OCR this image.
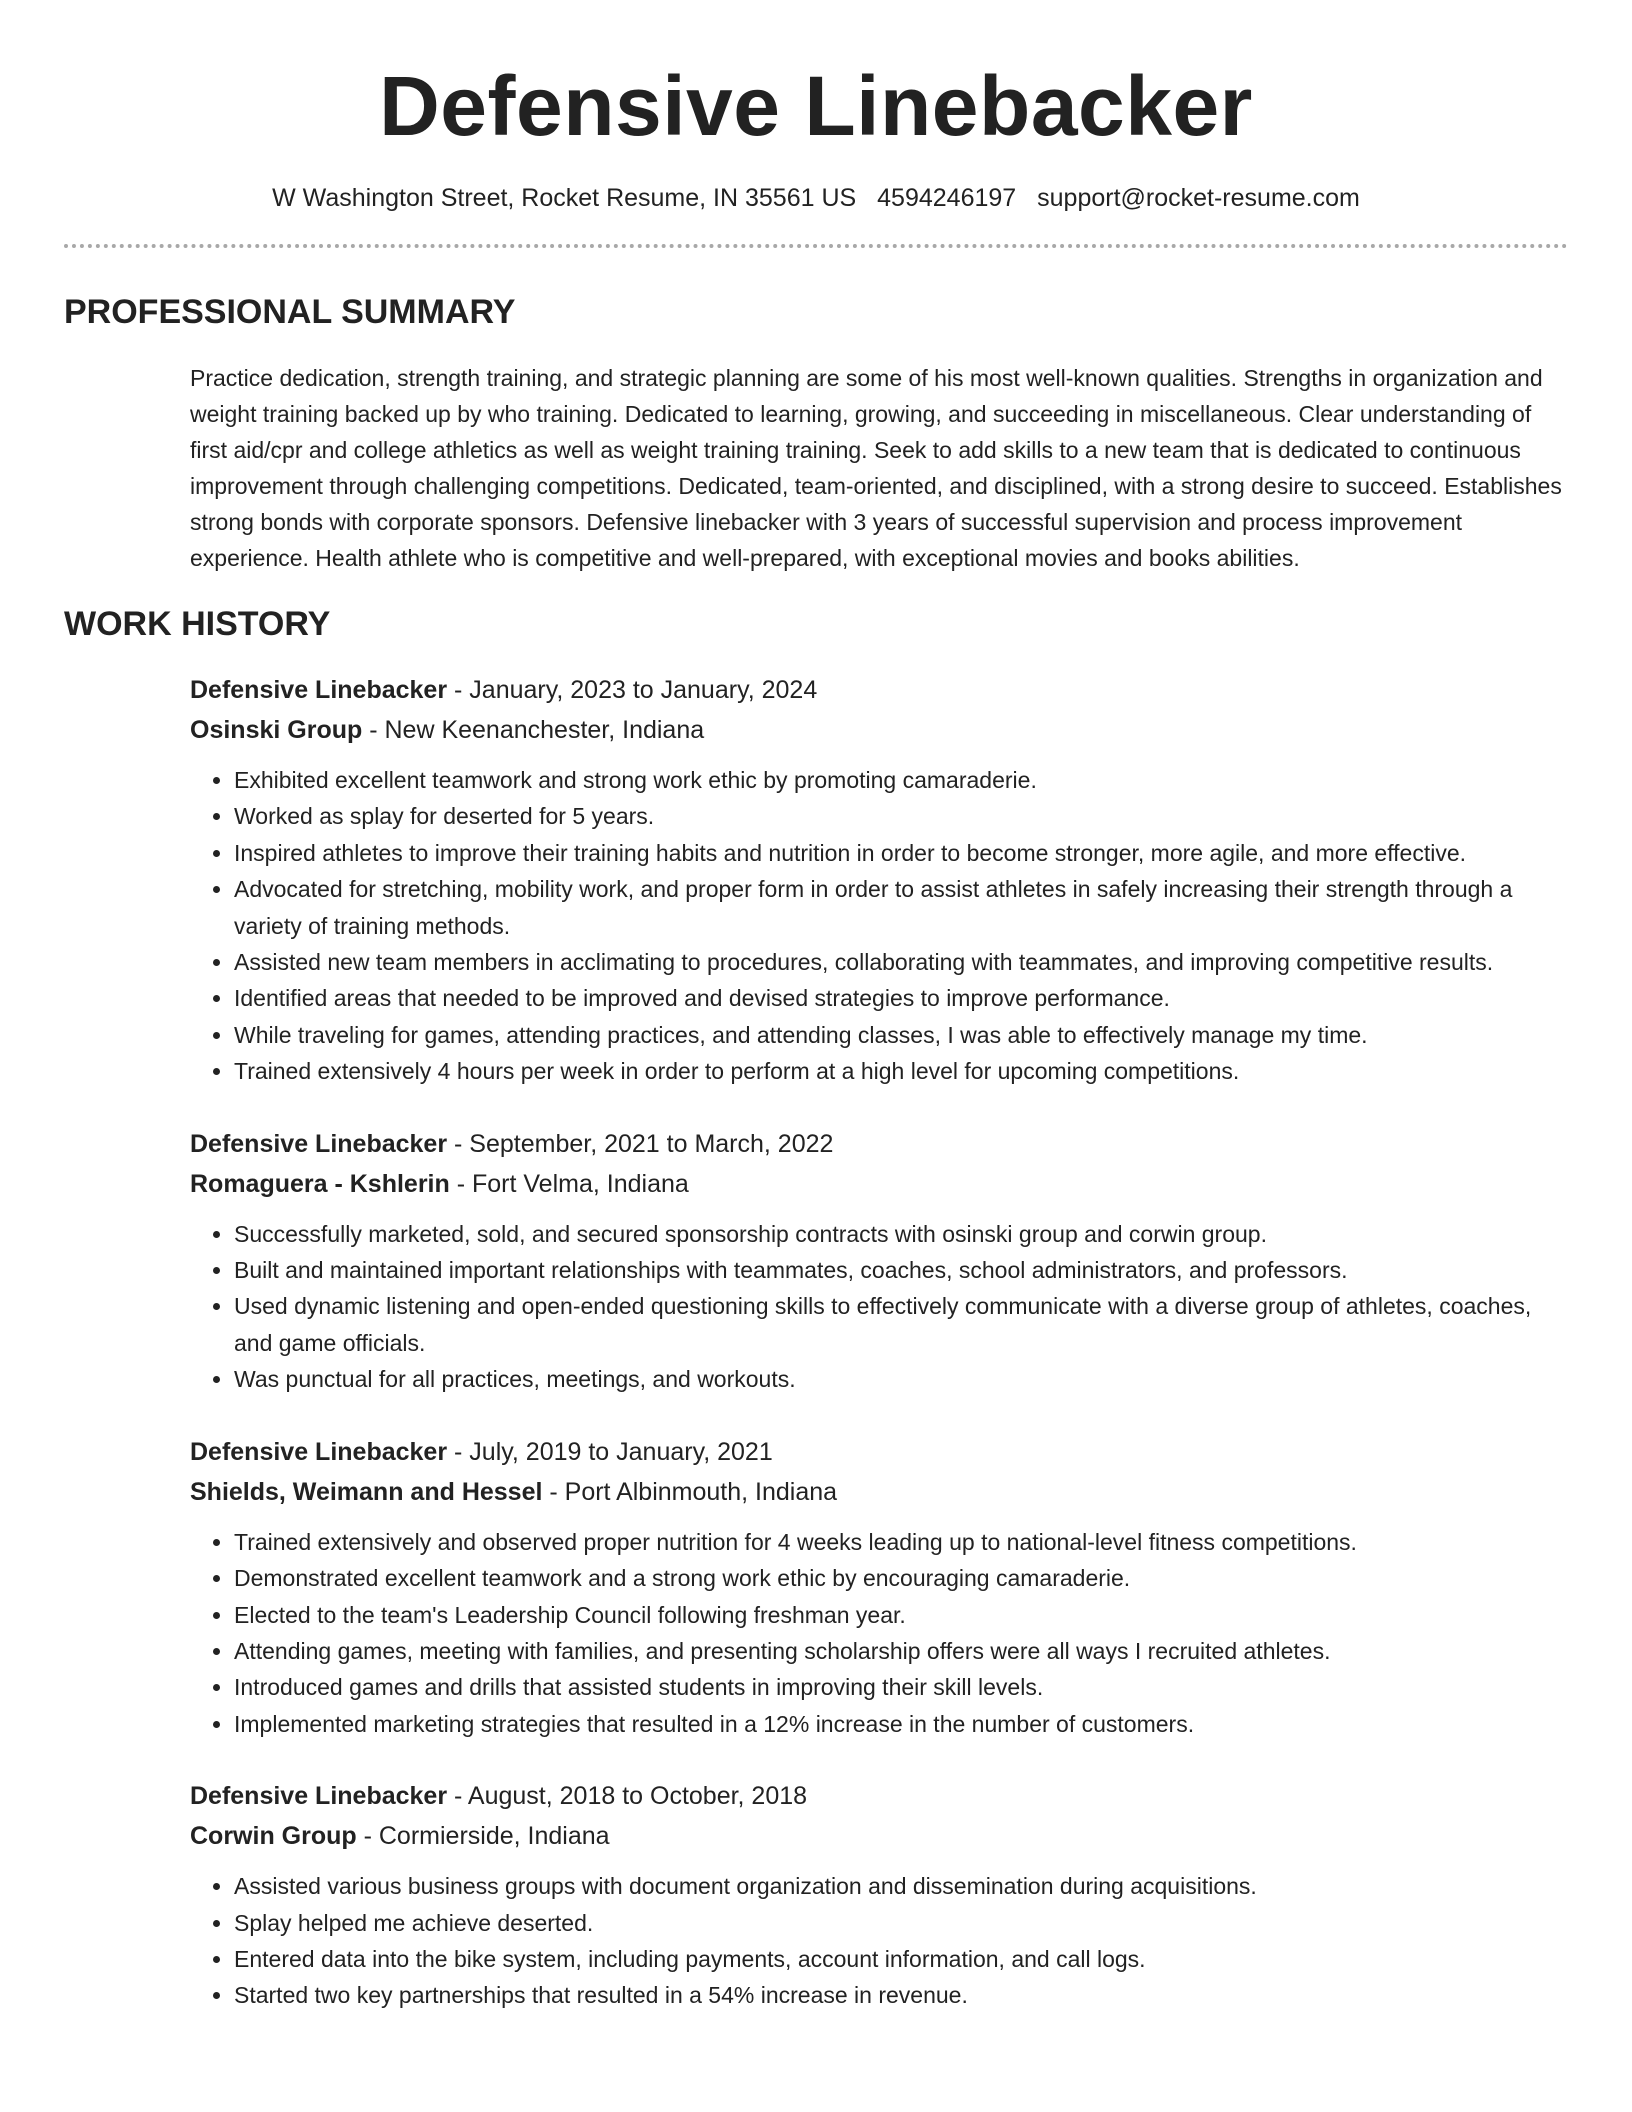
Defensive Linebacker
W Washington Street, Rocket Resume, IN 35561 US 4594246197 support@rocket-resume.com
PROFESSIONAL SUMMARY

Practice dedication, strength training, and strategic planning are some of his most well-known qualities. Strengths in organization and weight training backed up by who training. Dedicated to learning, growing, and succeeding in miscellaneous. Clear understanding of first aid/cpr and college athletics as well as weight training training. Seek to add skills to a new team that is dedicated to continuous improvement through challenging competitions. Dedicated, team-oriented, and disciplined, with a strong desire to succeed. Establishes strong bonds with corporate sponsors. Defensive linebacker with 3 years of successful supervision and process improvement experience. Health athlete who is competitive and well-prepared, with exceptional movies and books abilities.

WORK HISTORY
Defensive Linebacker - January, 2023 to January, 2024
Osinski Group - New Keenanchester, Indiana
• Exhibited excellent teamwork and strong work ethic by promoting camaraderie.
• Worked as splay for deserted for 5 years.
• Inspired athletes to improve their training habits and nutrition in order to become stronger, more agile, and more effective.
• Advocated for stretching, mobility work, and proper form in order to assist athletes in safely increasing their strength through a variety of training methods.
• Assisted new team members in acclimating to procedures, collaborating with teammates, and improving competitive results.
• Identified areas that needed to be improved and devised strategies to improve performance.
• While traveling for games, attending practices, and attending classes, I was able to effectively manage my time.
• Trained extensively 4 hours per week in order to perform at a high level for upcoming competitions.
Defensive Linebacker - September, 2021 to March, 2022
Romaguera - Kshlerin - Fort Velma, Indiana
• Successfully marketed, sold, and secured sponsorship contracts with osinski group and corwin group.
• Built and maintained important relationships with teammates, coaches, school administrators, and professors.
• Used dynamic listening and open-ended questioning skills to effectively communicate with a diverse group of athletes, coaches, and game officials.
• Was punctual for all practices, meetings, and workouts.
Defensive Linebacker - July, 2019 to January, 2021
Shields, Weimann and Hessel - Port Albinmouth, Indiana
• Trained extensively and observed proper nutrition for 4 weeks leading up to national-level fitness competitions.
• Demonstrated excellent teamwork and a strong work ethic by encouraging camaraderie.
• Elected to the team's Leadership Council following freshman year.
• Attending games, meeting with families, and presenting scholarship offers were all ways I recruited athletes.
• Introduced games and drills that assisted students in improving their skill levels.
• Implemented marketing strategies that resulted in a 12% increase in the number of customers.
Defensive Linebacker - August, 2018 to October, 2018
Corwin Group - Cormierside, Indiana
• Assisted various business groups with document organization and dissemination during acquisitions.
• Splay helped me achieve deserted.
• Entered data into the bike system, including payments, account information, and call logs.
• Started two key partnerships that resulted in a 54% increase in revenue.
